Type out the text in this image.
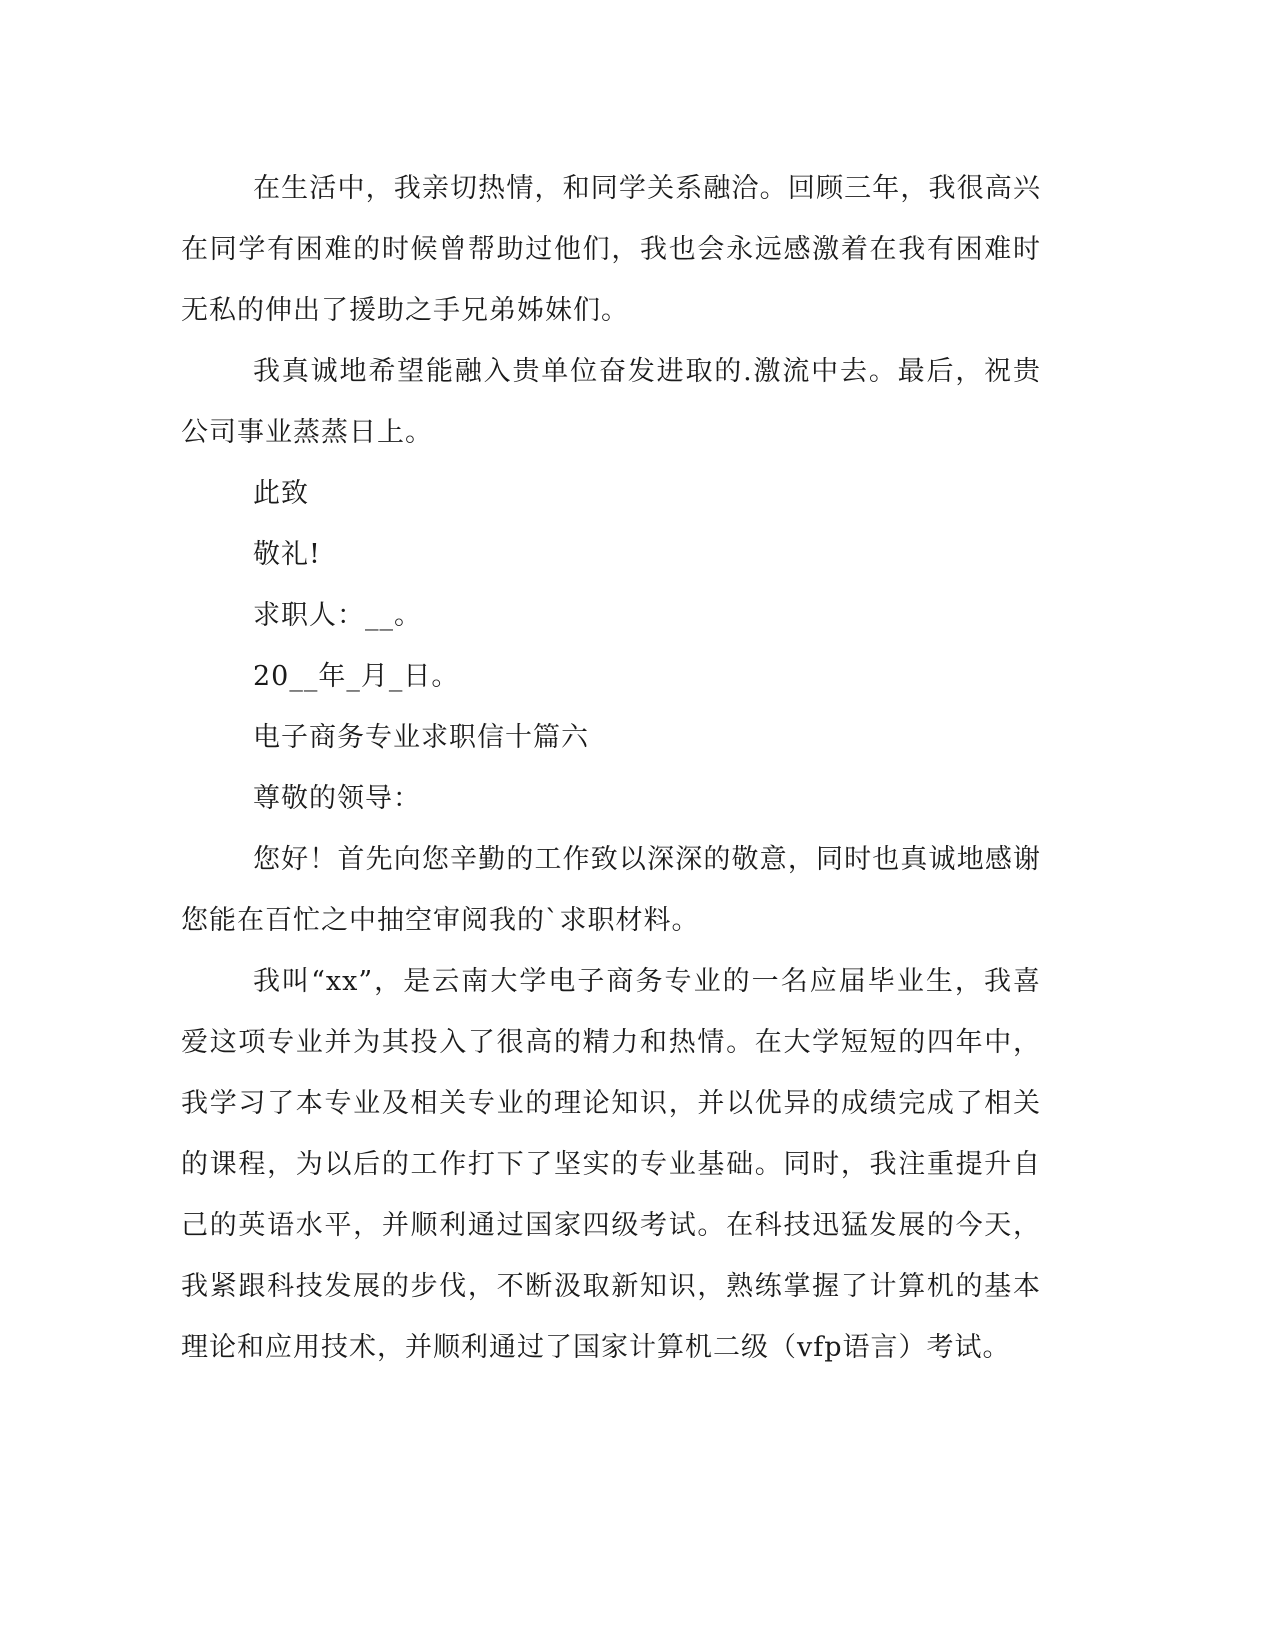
在生活中，我亲切热情，和同学关系融洽。回顾三年，我很高兴在同学有困难的时候曾帮助过他们，我也会永远感激着在我有困难时无私的伸出了援助之手兄弟姊妹们。

我真诚地希望能融入贵单位奋发进取的.激流中去。最后，祝贵公司事业蒸蒸日上。

此致

敬礼!

求职人：__。

20__年_月_日。

电子商务专业求职信十篇六

尊敬的领导：

您好！首先向您辛勤的工作致以深深的敬意，同时也真诚地感谢您能在百忙之中抽空审阅我的`求职材料。

我叫“xx”，是云南大学电子商务专业的一名应届毕业生，我喜爱这项专业并为其投入了很高的精力和热情。在大学短短的四年中，我学习了本专业及相关专业的理论知识，并以优异的成绩完成了相关的课程，为以后的工作打下了坚实的专业基础。同时，我注重提升自己的英语水平，并顺利通过国家四级考试。在科技迅猛发展的今天，我紧跟科技发展的步伐，不断汲取新知识，熟练掌握了计算机的基本理论和应用技术，并顺利通过了国家计算机二级（vfp语言）考试。
